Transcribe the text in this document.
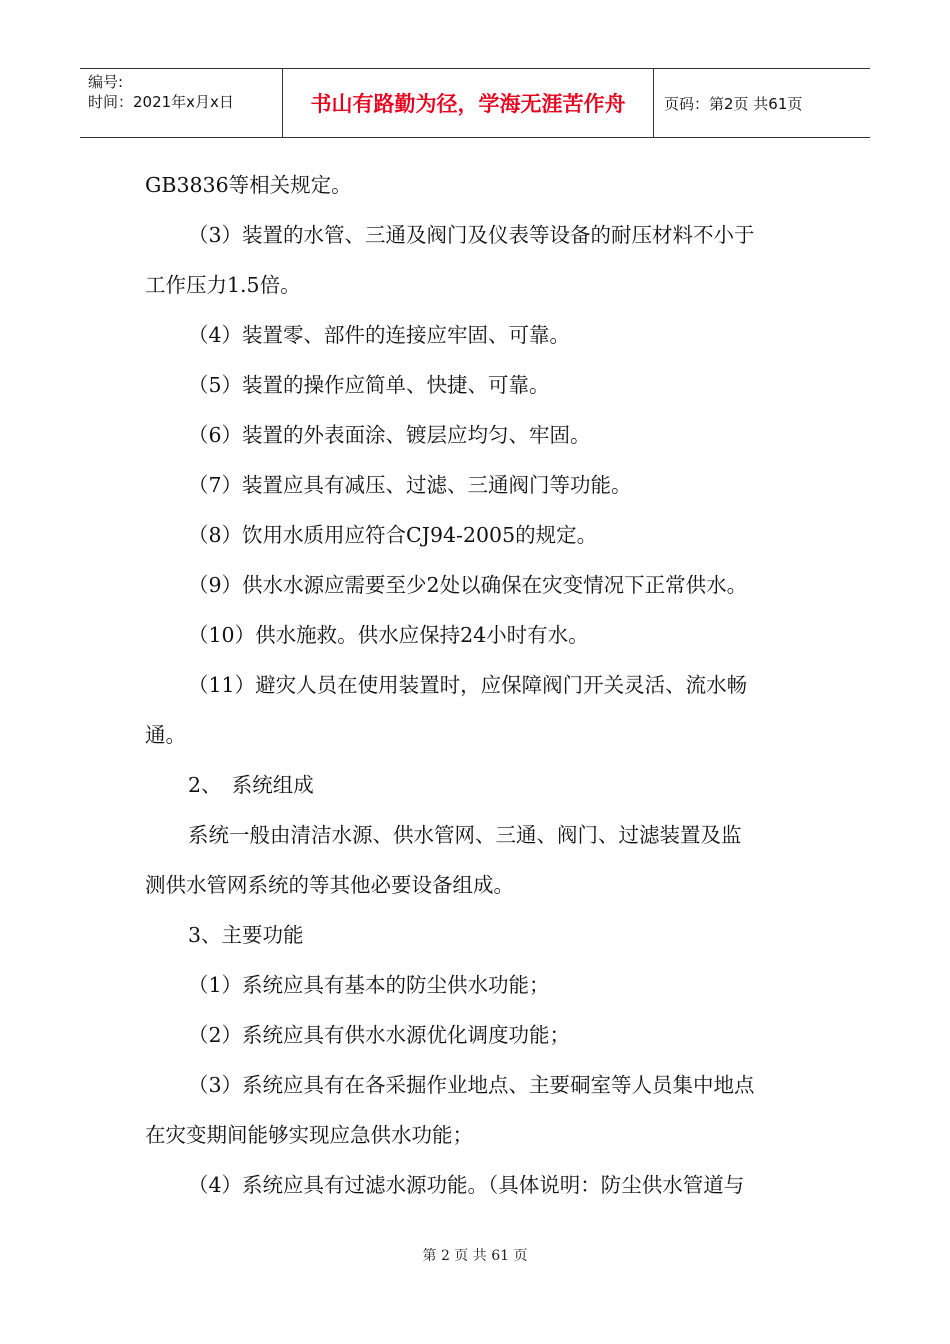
编号:
时间：2021年x月x日	书山有路勤为径，学海无涯苦作舟	页码：第2页 共61页

GB3836等相关规定。

（3）装置的水管、三通及阀门及仪表等设备的耐压材料不小于

工作压力1.5倍。

（4）装置零、部件的连接应牢固、可靠。

（5）装置的操作应简单、快捷、可靠。

（6）装置的外表面涂、镀层应均匀、牢固。

（7）装置应具有减压、过滤、三通阀门等功能。

（8）饮用水质用应符合CJ94-2005的规定。

（9）供水水源应需要至少2处以确保在灾变情况下正常供水。

（10）供水施救。供水应保持24小时有水。

（11）避灾人员在使用装置时，应保障阀门开关灵活、流水畅

通。

2、　系统组成

系统一般由清洁水源、供水管网、三通、阀门、过滤装置及监

测供水管网系统的等其他必要设备组成。

3、主要功能

（1）系统应具有基本的防尘供水功能；

（2）系统应具有供水水源优化调度功能；

（3）系统应具有在各采掘作业地点、主要硐室等人员集中地点

在灾变期间能够实现应急供水功能；

（4）系统应具有过滤水源功能。（具体说明：防尘供水管道与

第 2 页 共 61 页
